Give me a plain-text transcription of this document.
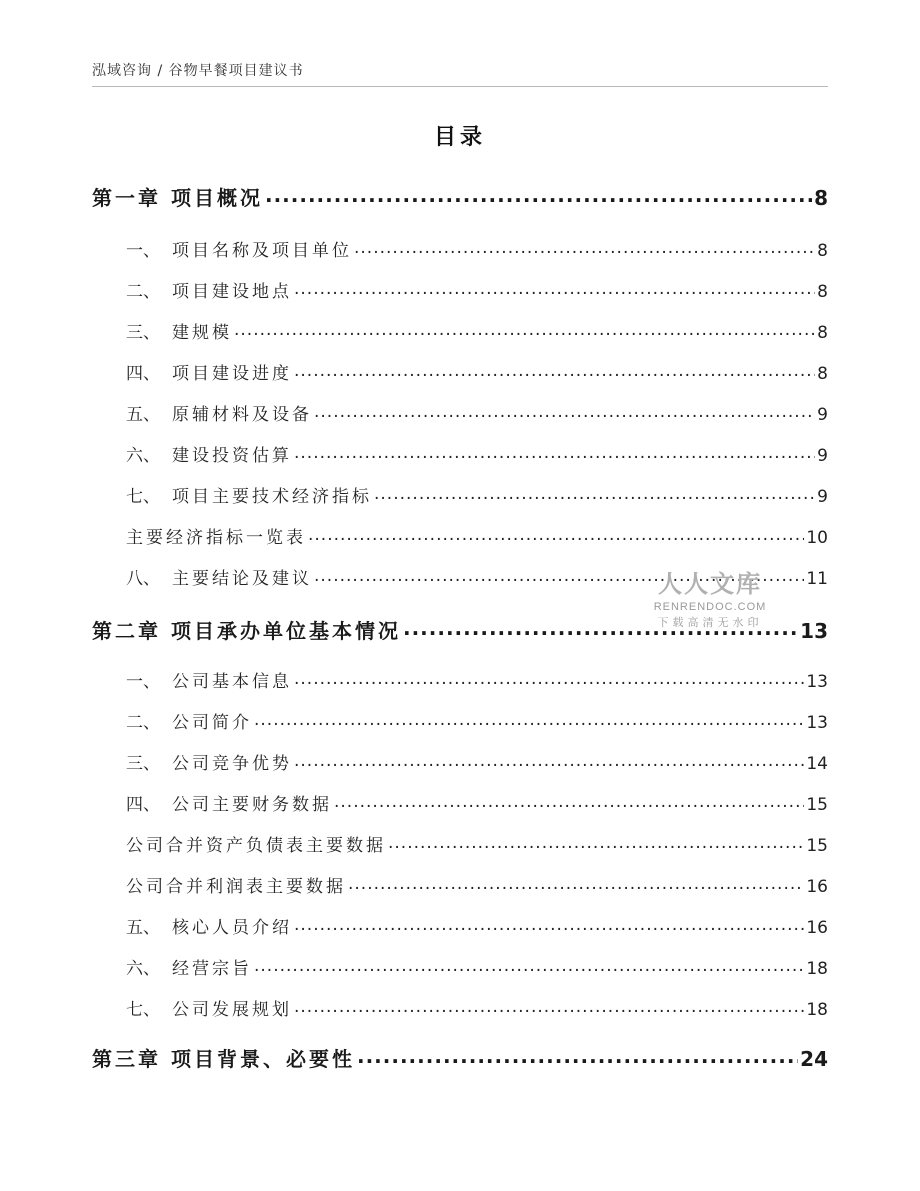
泓域咨询 / 谷物早餐项目建议书
目录
第一章 项目概况 .....	8
一、 项目名称及项目单位 .....	8
二、 项目建设地点 .....	8
三、 建规模 .....	8
四、 项目建设进度 .....	8
五、 原辅材料及设备 .....	9
六、 建设投资估算 .....	9
七、 项目主要技术经济指标 .....	9
主要经济指标一览表 .....	10
八、 主要结论及建议 .....	11
第二章 项目承办单位基本情况 .....	13
一、 公司基本信息 .....	13
二、 公司简介 .....	13
三、 公司竞争优势 .....	14
四、 公司主要财务数据 .....	15
公司合并资产负债表主要数据 .....	15
公司合并利润表主要数据 .....	16
五、 核心人员介绍 .....	16
六、 经营宗旨 .....	18
七、 公司发展规划 .....	18
第三章 项目背景、必要性 .....	24
人人文库
RENRENDOC.COM
下载高清无水印
